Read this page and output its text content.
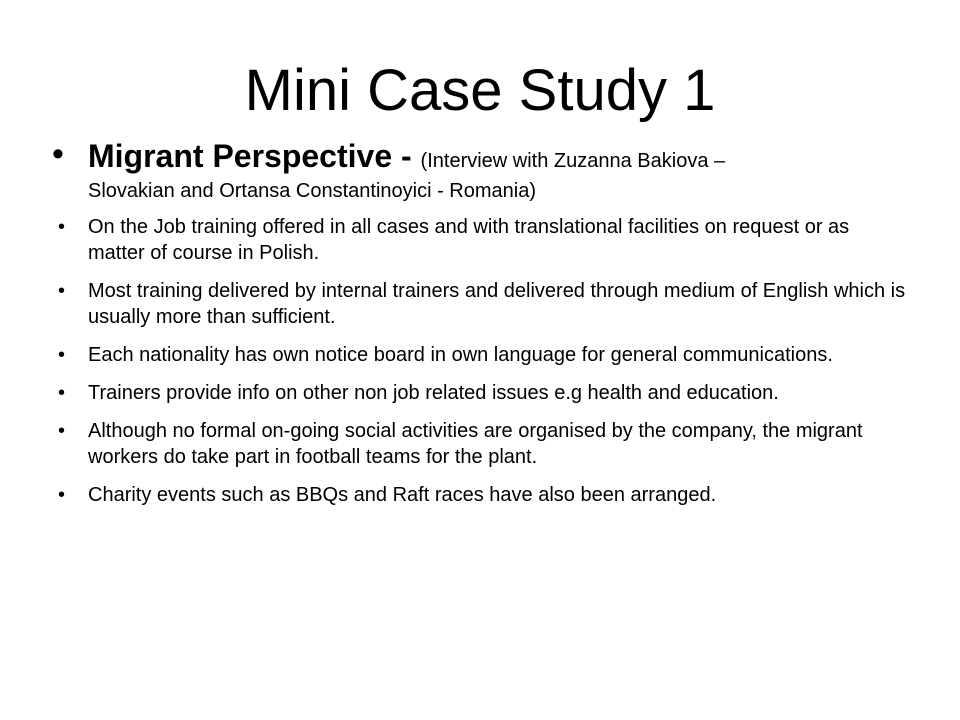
Mini Case Study 1
• Migrant Perspective - (Interview with Zuzanna Bakiova –
Slovakian and Ortansa Constantinoyici - Romania)
• On the Job training offered in all cases and with translational facilities on request or as matter of course in Polish.
• Most training delivered by internal trainers and delivered through medium of English which is usually more than sufficient.
• Each nationality has own notice board in own language for general communications.
• Trainers provide info on other non job related issues e.g health and education.
• Although no formal on-going social activities are organised by the company, the migrant workers do take part in football teams for the plant.
• Charity events such as BBQs and Raft races have also been arranged.
